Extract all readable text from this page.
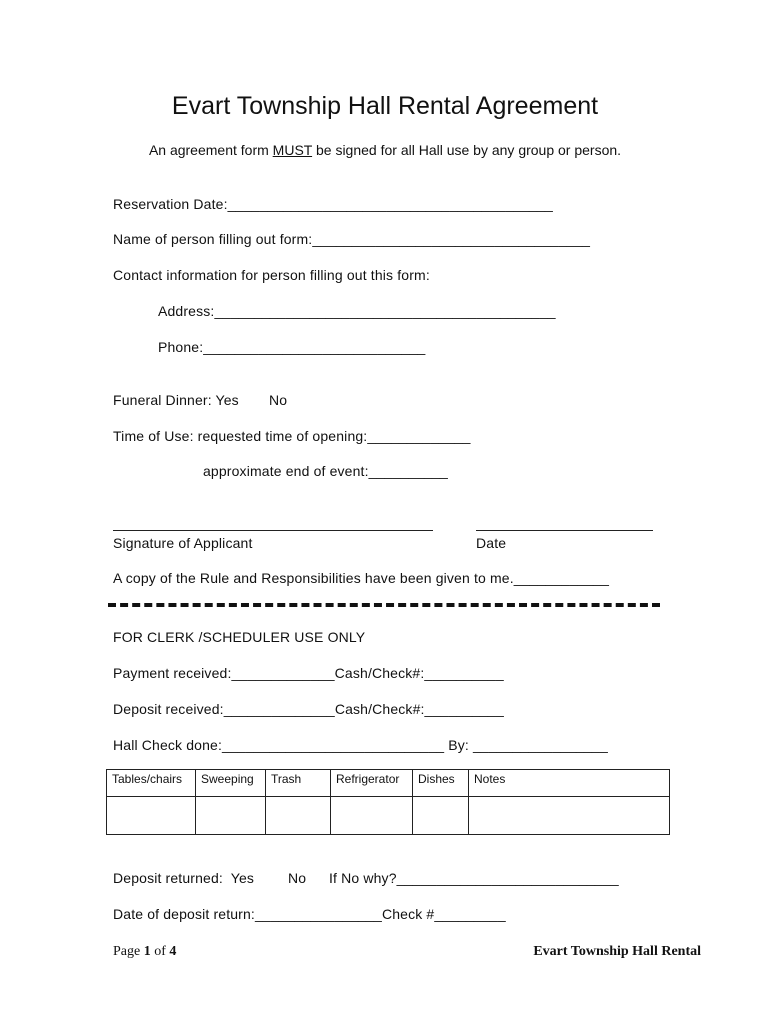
Evart Township Hall Rental Agreement
An agreement form MUST be signed for all Hall use by any group or person.
Reservation Date:_________________________________________
Name of person filling out form:___________________________________
Contact information for person filling out this form:
Address:___________________________________________
Phone:____________________________
Funeral Dinner: Yes No
Time of Use: requested time of opening:_____________
approximate end of event:__________
Signature of Applicant	Date
A copy of the Rule and Responsibilities have been given to me.____________
FOR CLERK /SCHEDULER USE ONLY
Payment received:_____________Cash/Check#:__________
Deposit received:______________Cash/Check#:__________
Hall Check done:____________________________ By: _________________
Tables/chairs	Sweeping	Trash	Refrigerator	Dishes	Notes

Deposit returned:  Yes No If No why?____________________________
Date of deposit return:________________Check #_________
Page 1 of 4	Evart Township Hall Rental
